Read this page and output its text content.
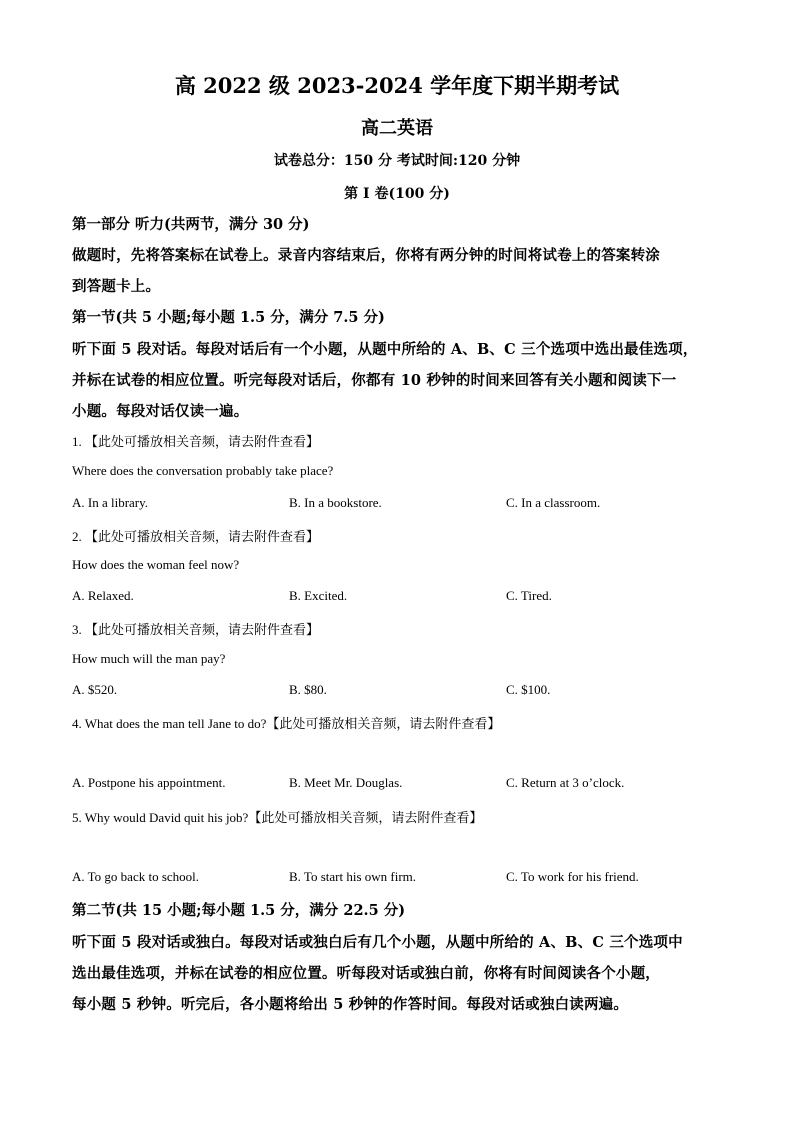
高 2022 级 2023-2024 学年度下期半期考试
高二英语
试卷总分：150 分 考试时间:120 分钟
第 I 卷(100 分)
第一部分 听力(共两节，满分 30 分)
做题时，先将答案标在试卷上。录音内容结束后，你将有两分钟的时间将试卷上的答案转涂
到答题卡上。
第一节(共 5 小题;每小题 1.5 分，满分 7.5 分)
听下面 5 段对话。每段对话后有一个小题，从题中所给的 A、B、C 三个选项中选出最佳选项，
并标在试卷的相应位置。听完每段对话后，你都有 10 秒钟的时间来回答有关小题和阅读下一
小题。每段对话仅读一遍。
1. 【此处可播放相关音频，请去附件查看】
Where does the conversation probably take place?
A. In a library.	B. In a bookstore.	C. In a classroom.
2. 【此处可播放相关音频，请去附件查看】
How does the woman feel now?
A. Relaxed.	B. Excited.	C. Tired.
3. 【此处可播放相关音频，请去附件查看】
How much will the man pay?
A. $520.	B. $80.	C. $100.
4. What does the man tell Jane to do?【此处可播放相关音频，请去附件查看】
A. Postpone his appointment.	B. Meet Mr. Douglas.	C. Return at 3 o’clock.
5. Why would David quit his job?【此处可播放相关音频，请去附件查看】
A. To go back to school.	B. To start his own firm.	C. To work for his friend.
第二节(共 15 小题;每小题 1.5 分，满分 22.5 分)
听下面 5 段对话或独白。每段对话或独白后有几个小题，从题中所给的 A、B、C 三个选项中
选出最佳选项，并标在试卷的相应位置。听每段对话或独白前，你将有时间阅读各个小题，
每小题 5 秒钟。听完后，各小题将给出 5 秒钟的作答时间。每段对话或独白读两遍。
